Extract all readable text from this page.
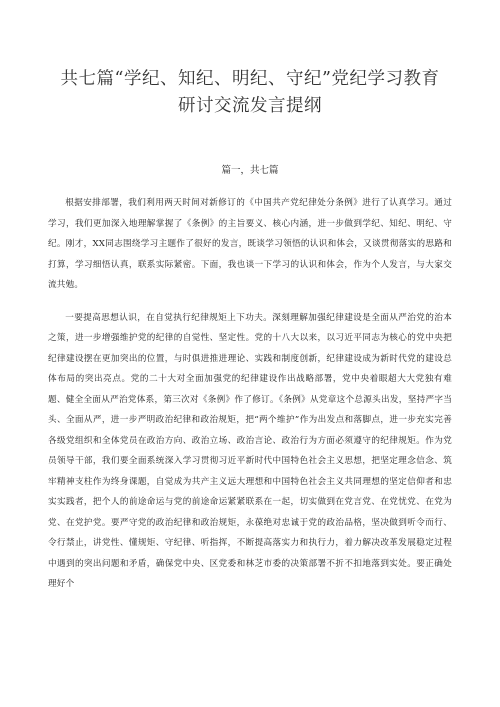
共七篇“学纪、知纪、明纪、守纪”党纪学习教育
研讨交流发言提纲

篇一，共七篇

根据安排部署，我们利用两天时间对新修订的《中国共产党纪律处分条例》进行了认真学习。通过学习，我们更加深入地理解掌握了《条例》的主旨要义、核心内涵，进一步做到学纪、知纪、明纪、守纪。刚才，XX同志围绕学习主题作了很好的发言，既谈学习领悟的认识和体会，又谈贯彻落实的思路和打算，学习细悟认真，联系实际紧密。下面，我也谈一下学习的认识和体会，作为个人发言，与大家交流共勉。

一要提高思想认识，在自觉执行纪律规矩上下功夫。深刻理解加强纪律建设是全面从严治党的治本之策，进一步增强维护党的纪律的自觉性、坚定性。党的十八大以来，以习近平同志为核心的党中央把纪律建设摆在更加突出的位置，与时俱进推进理论、实践和制度创新，纪律建设成为新时代党的建设总体布局的突出亮点。党的二十大对全面加强党的纪律建设作出战略部署，党中央着眼超大大党独有难题、健全全面从严治党体系，第三次对《条例》作了修订。《条例》从党章这个总源头出发，坚持严字当头、全面从严，进一步严明政治纪律和政治规矩，把“两个维护”作为出发点和落脚点，进一步充实完善各级党组织和全体党员在政治方向、政治立场、政治言论、政治行为方面必须遵守的纪律规矩。作为党员领导干部，我们要全面系统深入学习贯彻习近平新时代中国特色社会主义思想，把坚定理念信念、筑牢精神支柱作为终身课题，自觉成为共产主义远大理想和中国特色社会主义共同理想的坚定信仰者和忠实实践者，把个人的前途命运与党的前途命运紧紧联系在一起，切实做到在党言党、在党忧党、在党为党、在党护党。要严守党的政治纪律和政治规矩，永葆绝对忠诚于党的政治品格，坚决做到听令而行、令行禁止，讲党性、懂规矩、守纪律、听指挥，不断提高落实力和执行力，着力解决改革发展稳定过程中遇到的突出问题和矛盾，确保党中央、区党委和林芝市委的决策部署不折不扣地落到实处。要正确处理好个
